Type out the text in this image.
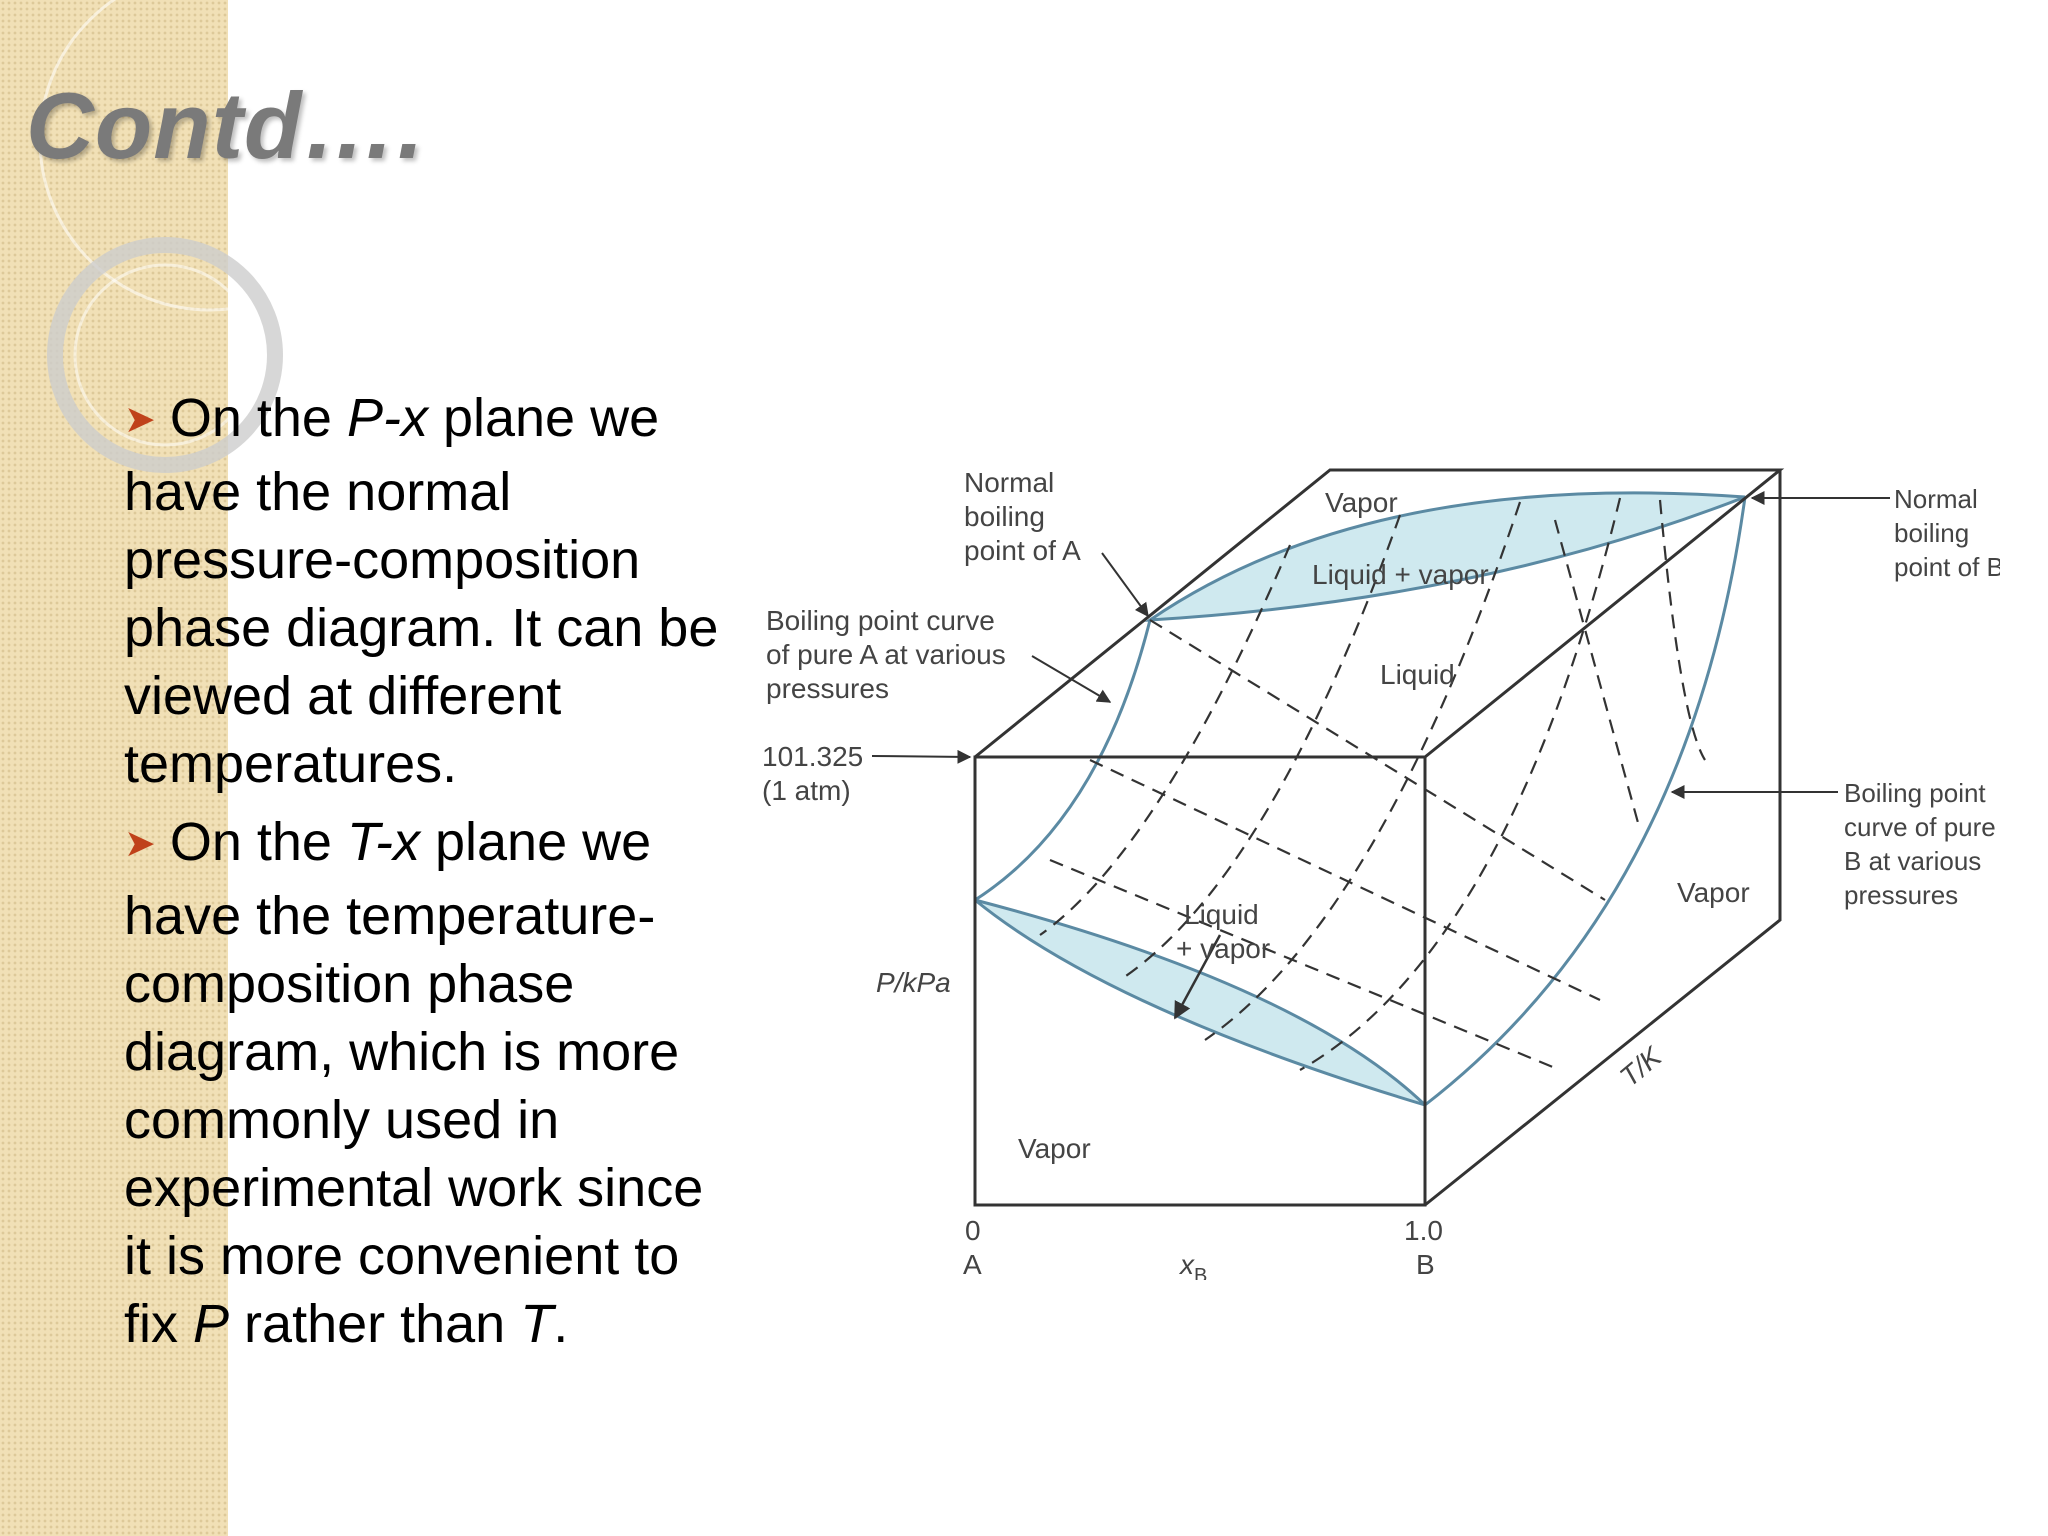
Contd….

➤ On the P-x plane we have the normal pressure-composition phase diagram. It can be viewed at different temperatures.

➤ On the T-x plane we have the temperature-composition phase diagram, which is more commonly used in experimental work since it is more convenient to fix P rather than T.

Normal
boiling
point of A
Boiling point curve
of pure A at various
pressures
101.325
(1 atm)
P/kPa
Vapor
Liquid + vapor
Liquid
Liquid
+ vapor
Vapor
Vapor
Normal
boiling
point of B
Boiling point
curve of pure
B at various
pressures
T/K
0
A	$x_B$
1.0
B
